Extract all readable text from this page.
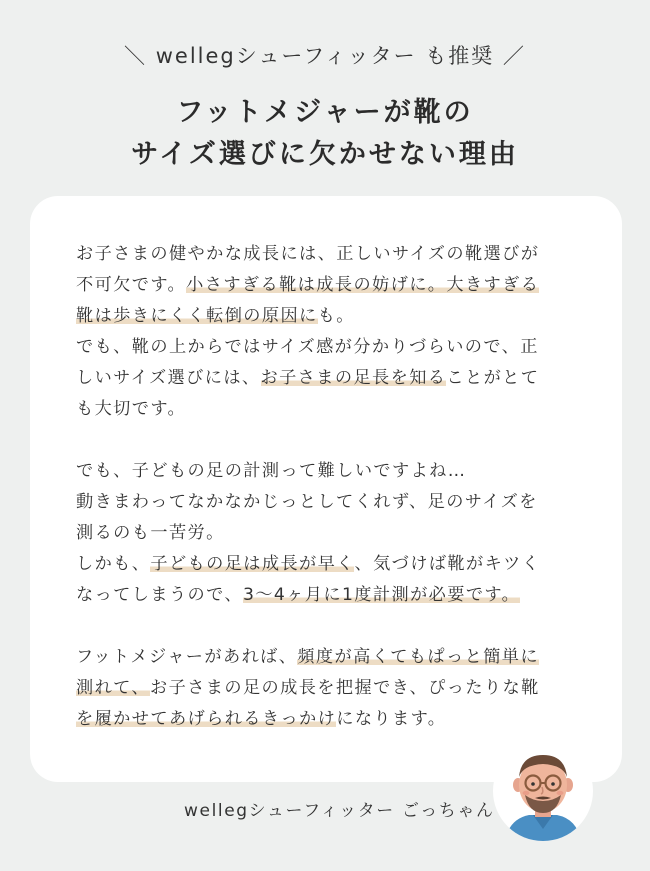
＼ wellegシューフィッター も推奨 ／
フットメジャーが靴の
サイズ選びに欠かせない理由
お子さまの健やかな成長には、正しいサイズの靴選びが
不可欠です。小さすぎる靴は成長の妨げに。大きすぎる
靴は歩きにくく転倒の原因にも。
でも、靴の上からではサイズ感が分かりづらいので、正
しいサイズ選びには、お子さまの足長を知ることがとて
も大切です。
でも、子どもの足の計測って難しいですよね…
動きまわってなかなかじっとしてくれず、足のサイズを
測るのも一苦労。
しかも、子どもの足は成長が早く、気づけば靴がキツく
なってしまうので、3〜4ヶ月に1度計測が必要です。
フットメジャーがあれば、頻度が高くてもぱっと簡単に
測れて、お子さまの足の成長を把握でき、ぴったりな靴
を履かせてあげられるきっかけになります。
wellegシューフィッター ごっちゃん
